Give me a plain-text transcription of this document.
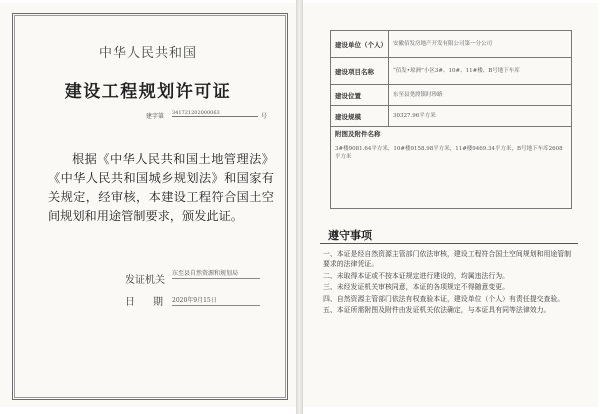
中华人民共和国
建设工程规划许可证
建字第 341721202000063	号
根据《中华人民共和国土地管理法》《中华人民共和国城乡规划法》和国家有关规定，经审核，本建设工程符合国土空间规划和用途管制要求，颁发此证。
发证机关
东至县自然资源和规划局
日期
2020年9月15日
建设单位（个人）	安徽佰发房地产开发有限公司第一分公司
建设项目名称	“佰发•琼洲”小区3#、10#、11#楼、B号地下车库
建设位置	东至县尧渡镇时珍路
建设规模	30327.96平方米
附图及附件名称	
3#楼9081.64平方米，10#楼9158.98平方米，11#楼9469.34平方米，B号地下车库2608平方米	
遵守事项
一、本证是经自然资源主管部门依法审核，建设工程符合国土空间规划和用途管制要求的法律凭证。
二、未取得本证或不按本证规定进行建设的，均属违法行为。
三、未经发证机关审核同意，本证的各项规定不得随意变更。
四、自然资源主管部门依法有权查验本证，建设单位（个人）有责任提交查验。
五、本证所需附图及附件由发证机关依法确定，与本证具有同等法律效力。
